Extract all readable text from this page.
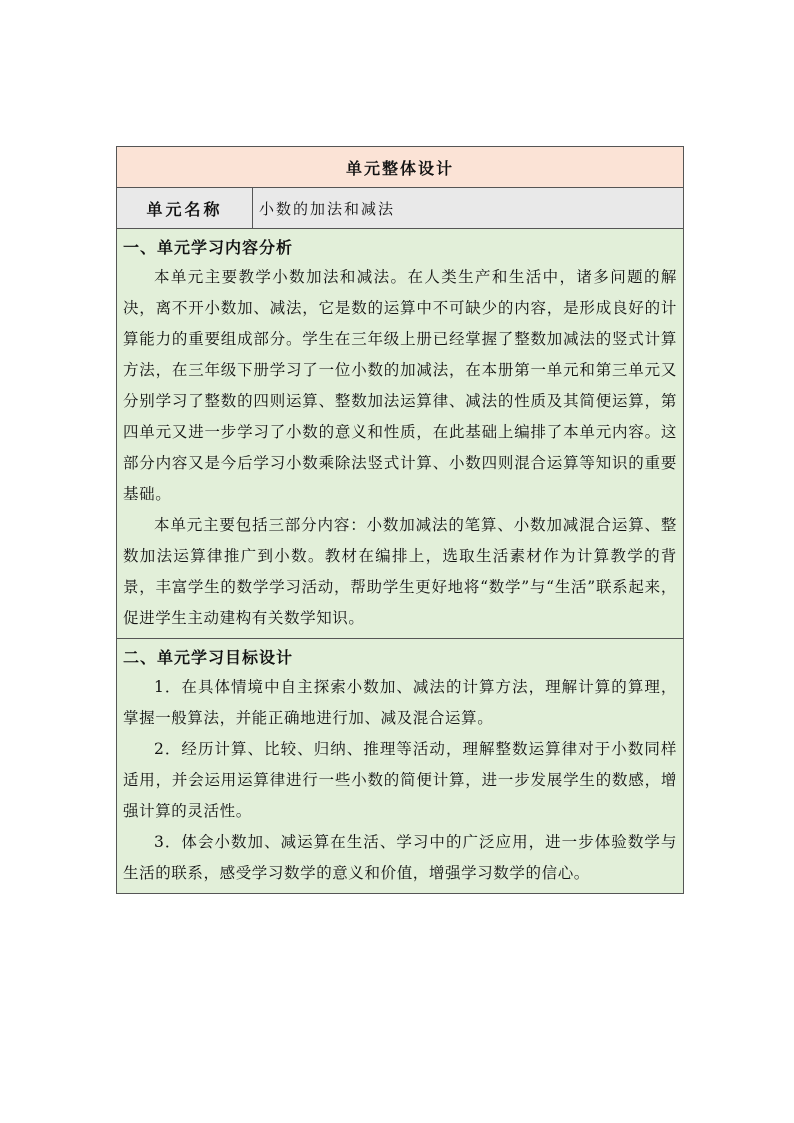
单元整体设计
单元名称	小数的加法和减法

一、单元学习内容分析

本单元主要教学小数加法和减法。在人类生产和生活中，诸多问题的解决，离不开小数加、减法，它是数的运算中不可缺少的内容，是形成良好的计算能力的重要组成部分。学生在三年级上册已经掌握了整数加减法的竖式计算方法，在三年级下册学习了一位小数的加减法，在本册第一单元和第三单元又分别学习了整数的四则运算、整数加法运算律、减法的性质及其简便运算，第四单元又进一步学习了小数的意义和性质，在此基础上编排了本单元内容。这部分内容又是今后学习小数乘除法竖式计算、小数四则混合运算等知识的重要基础。

本单元主要包括三部分内容：小数加减法的笔算、小数加减混合运算、整数加法运算律推广到小数。教材在编排上，选取生活素材作为计算教学的背景，丰富学生的数学学习活动，帮助学生更好地将“数学”与“生活”联系起来，促进学生主动建构有关数学知识。

二、单元学习目标设计

1．在具体情境中自主探索小数加、减法的计算方法，理解计算的算理，掌握一般算法，并能正确地进行加、减及混合运算。

2．经历计算、比较、归纳、推理等活动，理解整数运算律对于小数同样适用，并会运用运算律进行一些小数的简便计算，进一步发展学生的数感，增强计算的灵活性。

3．体会小数加、减运算在生活、学习中的广泛应用，进一步体验数学与生活的联系，感受学习数学的意义和价值，增强学习数学的信心。
